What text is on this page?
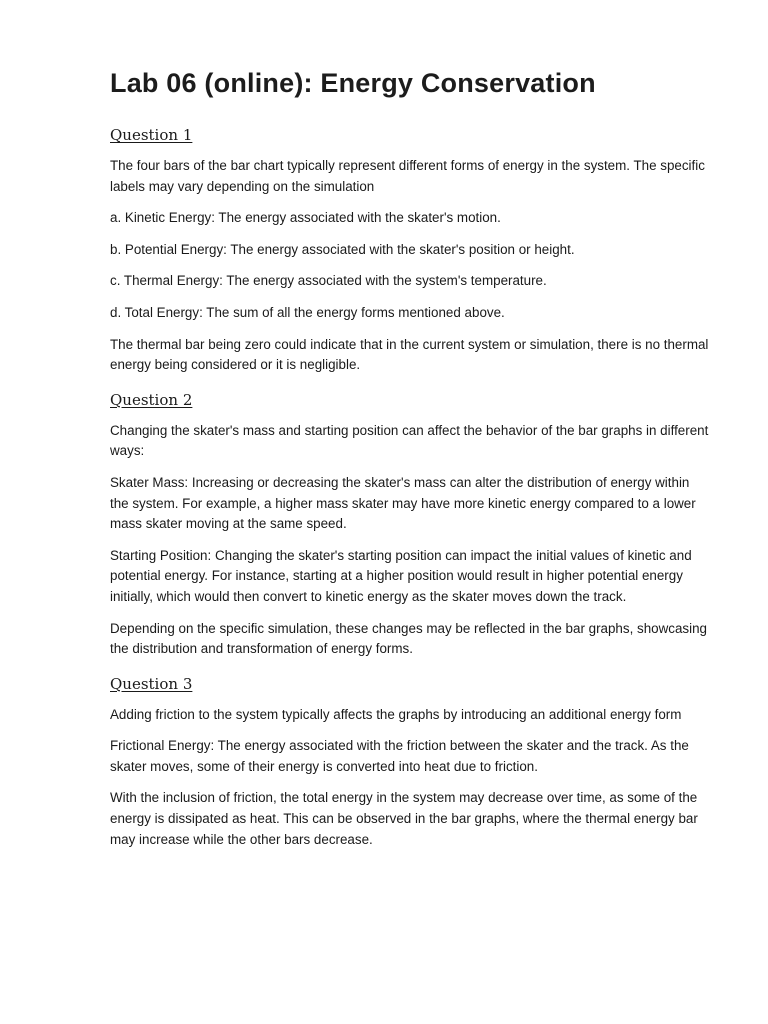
Lab 06 (online): Energy Conservation
Question 1

The four bars of the bar chart typically represent different forms of energy in the system. The specific labels may vary depending on the simulation

a. Kinetic Energy: The energy associated with the skater's motion.

b. Potential Energy: The energy associated with the skater's position or height.

c. Thermal Energy: The energy associated with the system's temperature.

d. Total Energy: The sum of all the energy forms mentioned above.

The thermal bar being zero could indicate that in the current system or simulation, there is no thermal energy being considered or it is negligible.

Question 2

Changing the skater's mass and starting position can affect the behavior of the bar graphs in different ways:

Skater Mass: Increasing or decreasing the skater's mass can alter the distribution of energy within the system. For example, a higher mass skater may have more kinetic energy compared to a lower mass skater moving at the same speed.

Starting Position: Changing the skater's starting position can impact the initial values of kinetic and potential energy. For instance, starting at a higher position would result in higher potential energy initially, which would then convert to kinetic energy as the skater moves down the track.

Depending on the specific simulation, these changes may be reflected in the bar graphs, showcasing the distribution and transformation of energy forms.

Question 3

Adding friction to the system typically affects the graphs by introducing an additional energy form

Frictional Energy: The energy associated with the friction between the skater and the track. As the skater moves, some of their energy is converted into heat due to friction.

With the inclusion of friction, the total energy in the system may decrease over time, as some of the energy is dissipated as heat. This can be observed in the bar graphs, where the thermal energy bar may increase while the other bars decrease.
